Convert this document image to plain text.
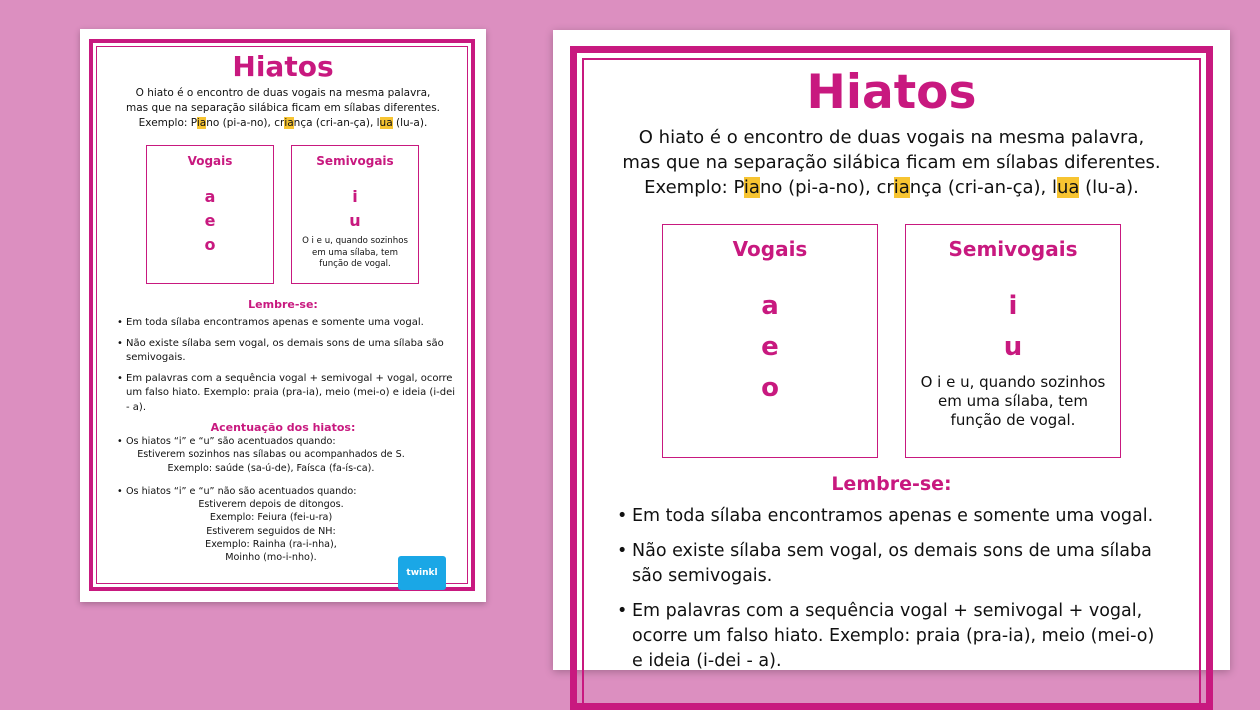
Hiatos
O hiato é o encontro de duas vogais na mesma palavra,
mas que na separação silábica ficam em sílabas diferentes.
Exemplo: Piano (pi-a-no), criança (cri-an-ça), lua (lu-a).
Vogais
a
e
o
Semivogais
i
u
O i e u, quando sozinhos
em uma sílaba, tem
função de vogal.
Lembre-se:
• Em toda sílaba encontramos apenas e somente uma vogal.
• Não existe sílaba sem vogal, os demais sons de uma sílaba são semivogais.
• Em palavras com a sequência vogal + semivogal + vogal, ocorre um falso hiato. Exemplo: praia (pra-ia), meio (mei-o) e ideia (i-dei - a).
Acentuação dos hiatos:
• Os hiatos “i” e “u” são acentuados quando:
Estiverem sozinhos nas sílabas ou acompanhados de S.
Exemplo: saúde (sa-ú-de), Faísca (fa-ís-ca).
• Os hiatos “i” e “u” não são acentuados quando:
Estiverem depois de ditongos.
Exemplo: Feiura (fei-u-ra)
Estiverem seguidos de NH:
Exemplo: Rainha (ra-i-nha),
Moinho (mo-i-nho).
twinkl
Hiatos
O hiato é o encontro de duas vogais na mesma palavra,
mas que na separação silábica ficam em sílabas diferentes.
Exemplo: Piano (pi-a-no), criança (cri-an-ça), lua (lu-a).
Vogais
a
e
o
Semivogais
i
u
O i e u, quando sozinhos
em uma sílaba, tem
função de vogal.
Lembre-se:
• Em toda sílaba encontramos apenas e somente uma vogal.
• Não existe sílaba sem vogal, os demais sons de uma sílaba são semivogais.
• Em palavras com a sequência vogal + semivogal + vogal, ocorre um falso hiato. Exemplo: praia (pra-ia), meio (mei-o) e ideia (i-dei - a).
